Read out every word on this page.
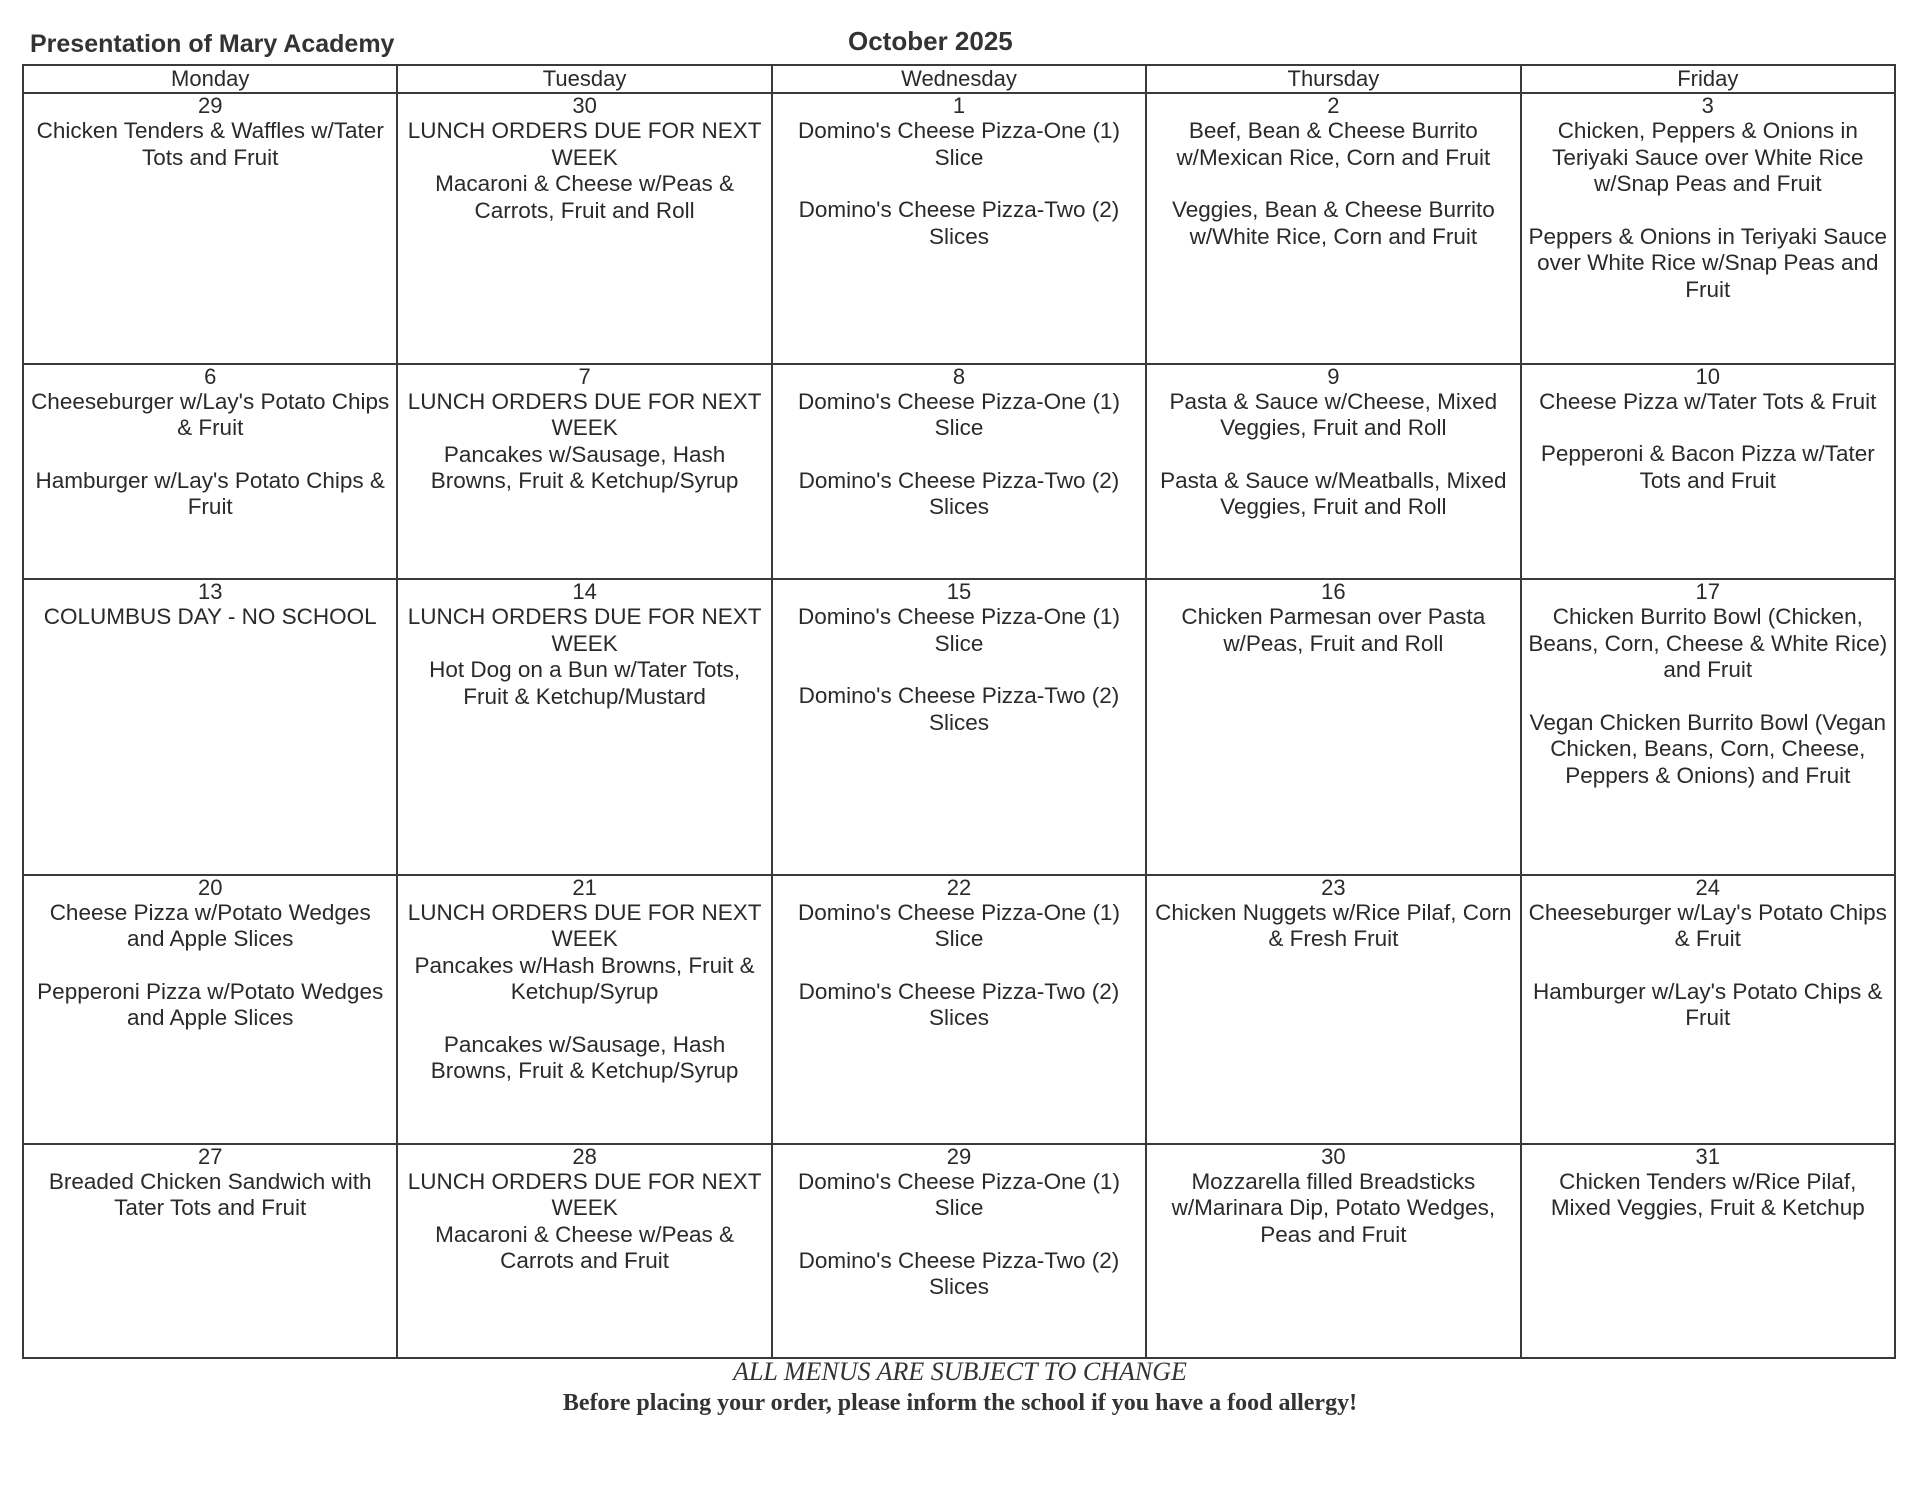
Presentation of Mary Academy	October 2025
Monday	Tuesday	Wednesday	Thursday	Friday

29
Chicken Tenders & Waffles w/Tater Tots and Fruit	30
LUNCH ORDERS DUE FOR NEXT WEEK
Macaroni & Cheese w/Peas & Carrots, Fruit and Roll	1
Domino's Cheese Pizza-One (1) Slice
Domino's Cheese Pizza-Two (2) Slices	2
Beef, Bean & Cheese Burrito w/Mexican Rice, Corn and Fruit
Veggies, Bean & Cheese Burrito w/White Rice, Corn and Fruit	3
Chicken, Peppers & Onions in Teriyaki Sauce over White Rice w/Snap Peas and Fruit
Peppers & Onions in Teriyaki Sauce over White Rice w/Snap Peas and Fruit

6
Cheeseburger w/Lay's Potato Chips & Fruit
Hamburger w/Lay's Potato Chips & Fruit	7
LUNCH ORDERS DUE FOR NEXT WEEK
Pancakes w/Sausage, Hash Browns, Fruit & Ketchup/Syrup	8
Domino's Cheese Pizza-One (1) Slice
Domino's Cheese Pizza-Two (2) Slices	9
Pasta & Sauce w/Cheese, Mixed Veggies, Fruit and Roll
Pasta & Sauce w/Meatballs, Mixed Veggies, Fruit and Roll	10
Cheese Pizza w/Tater Tots & Fruit
Pepperoni & Bacon Pizza w/Tater Tots and Fruit

13
COLUMBUS DAY - NO SCHOOL	14
LUNCH ORDERS DUE FOR NEXT WEEK
Hot Dog on a Bun w/Tater Tots, Fruit & Ketchup/Mustard	15
Domino's Cheese Pizza-One (1) Slice
Domino's Cheese Pizza-Two (2) Slices	16
Chicken Parmesan over Pasta w/Peas, Fruit and Roll	17
Chicken Burrito Bowl (Chicken, Beans, Corn, Cheese & White Rice) and Fruit
Vegan Chicken Burrito Bowl (Vegan Chicken, Beans, Corn, Cheese, Peppers & Onions) and Fruit

20
Cheese Pizza w/Potato Wedges and Apple Slices
Pepperoni Pizza w/Potato Wedges and Apple Slices	21
LUNCH ORDERS DUE FOR NEXT WEEK
Pancakes w/Hash Browns, Fruit & Ketchup/Syrup
Pancakes w/Sausage, Hash Browns, Fruit & Ketchup/Syrup	22
Domino's Cheese Pizza-One (1) Slice
Domino's Cheese Pizza-Two (2) Slices	23
Chicken Nuggets w/Rice Pilaf, Corn & Fresh Fruit	24
Cheeseburger w/Lay's Potato Chips & Fruit
Hamburger w/Lay's Potato Chips & Fruit

27
Breaded Chicken Sandwich with Tater Tots and Fruit	28
LUNCH ORDERS DUE FOR NEXT WEEK
Macaroni & Cheese w/Peas & Carrots and Fruit	29
Domino's Cheese Pizza-One (1) Slice
Domino's Cheese Pizza-Two (2) Slices	30
Mozzarella filled Breadsticks w/Marinara Dip, Potato Wedges, Peas and Fruit	31
Chicken Tenders w/Rice Pilaf, Mixed Veggies, Fruit & Ketchup
ALL MENUS ARE SUBJECT TO CHANGE
Before placing your order, please inform the school if you have a food allergy!
